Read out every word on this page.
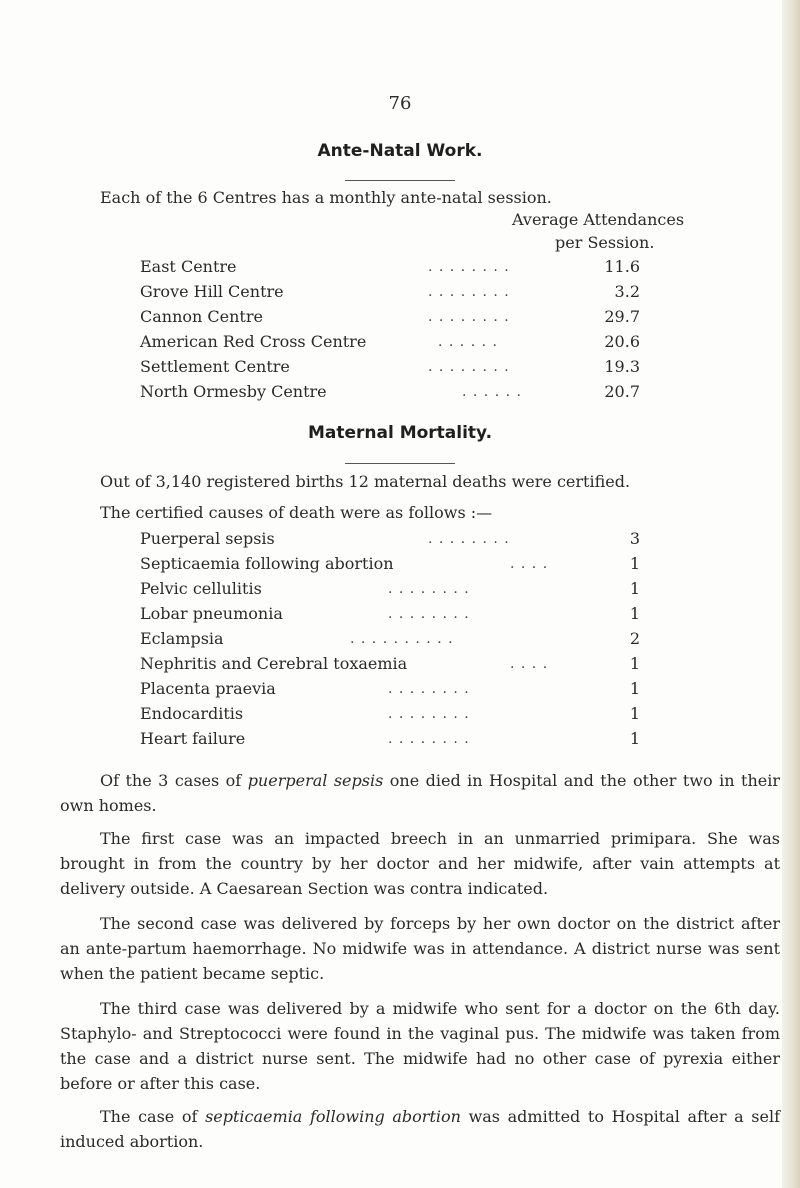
76
Ante-Natal Work.
Each of the 6 Centres has a monthly ante-natal session.
Average Attendances
per Session.
East Centre	. . . . . . . .	11.6
Grove Hill Centre	. . . . . . . .	3.2
Cannon Centre	. . . . . . . .	29.7
American Red Cross Centre	. . . . . .	20.6
Settlement Centre	. . . . . . . .	19.3
North Ormesby Centre	. . . . . .	20.7
Maternal Mortality.
Out of 3,140 registered births 12 maternal deaths were certified.
The certified causes of death were as follows :—
Puerperal sepsis	. . . . . . . .	3
Septicaemia following abortion	. . . .	1
Pelvic cellulitis	. . . . . . . .	1
Lobar pneumonia	. . . . . . . .	1
Eclampsia	. . . . . . . . . .	2
Nephritis and Cerebral toxaemia	. . . .	1
Placenta praevia	. . . . . . . .	1
Endocarditis	. . . . . . . .	1
Heart failure	. . . . . . . .	1
Of the 3 cases of puerperal sepsis one died in Hospital and the other two in their own homes.
The first case was an impacted breech in an unmarried primipara. She was brought in from the country by her doctor and her midwife, after vain attempts at delivery outside. A Caesarean Section was contra indicated.
The second case was delivered by forceps by her own doctor on the district after an ante-partum haemorrhage. No midwife was in attendance. A district nurse was sent when the patient became septic.
The third case was delivered by a midwife who sent for a doctor on the 6th day. Staphylo- and Streptococci were found in the vaginal pus. The midwife was taken from the case and a district nurse sent. The midwife had no other case of pyrexia either before or after this case.
The case of septicaemia following abortion was admitted to Hospital after a self induced abortion.
